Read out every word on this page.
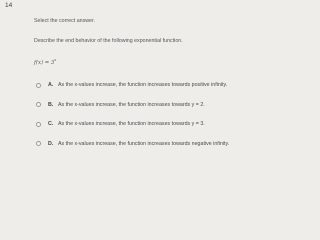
14
Select the correct answer.
Describe the end behavior of the following exponential function.
$f(x) = 3^x$
A. As the x-values increase, the function increases towards positive infinity.
B. As the x-values increase, the function increases towards y = 2.
C. As the x-values increase, the function increases towards y = 3.
D. As the x-values increase, the function increases towards negative infinity.
